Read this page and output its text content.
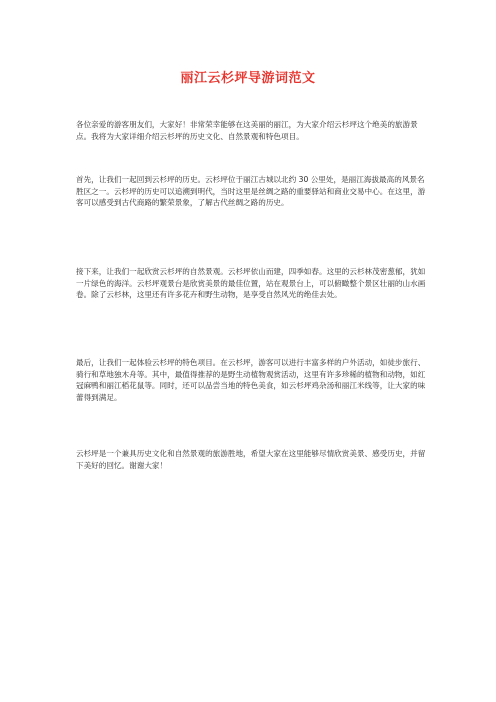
丽江云杉坪导游词范文
各位亲爱的游客朋友们，大家好！非常荣幸能够在这美丽的丽江，为大家介绍云杉坪这个绝美的旅游景点。我将为大家详细介绍云杉坪的历史文化、自然景观和特色项目。
首先，让我们一起回到云杉坪的历史。云杉坪位于丽江古城以北约 30 公里处，是丽江海拔最高的风景名胜区之一。云杉坪的历史可以追溯到明代，当时这里是丝绸之路的重要驿站和商业交易中心。在这里，游客可以感受到古代商路的繁荣景象，了解古代丝绸之路的历史。
接下来，让我们一起欣赏云杉坪的自然景观。云杉坪依山而建，四季如春。这里的云杉林茂密葱郁，犹如一片绿色的海洋。云杉坪观景台是欣赏美景的最佳位置，站在观景台上，可以俯瞰整个景区壮丽的山水画卷。除了云杉林，这里还有许多花卉和野生动物，是享受自然风光的绝佳去处。
最后，让我们一起体验云杉坪的特色项目。在云杉坪，游客可以进行丰富多样的户外活动，如徒步旅行、骑行和草地独木舟等。其中，最值得推荐的是野生动植物观赏活动，这里有许多珍稀的植物和动物，如红冠麻鸭和丽江稻花鼠等。同时，还可以品尝当地的特色美食，如云杉坪鸡杂汤和丽江米线等，让大家的味蕾得到满足。
云杉坪是一个兼具历史文化和自然景观的旅游胜地，希望大家在这里能够尽情欣赏美景、感受历史，并留下美好的回忆。谢谢大家！
